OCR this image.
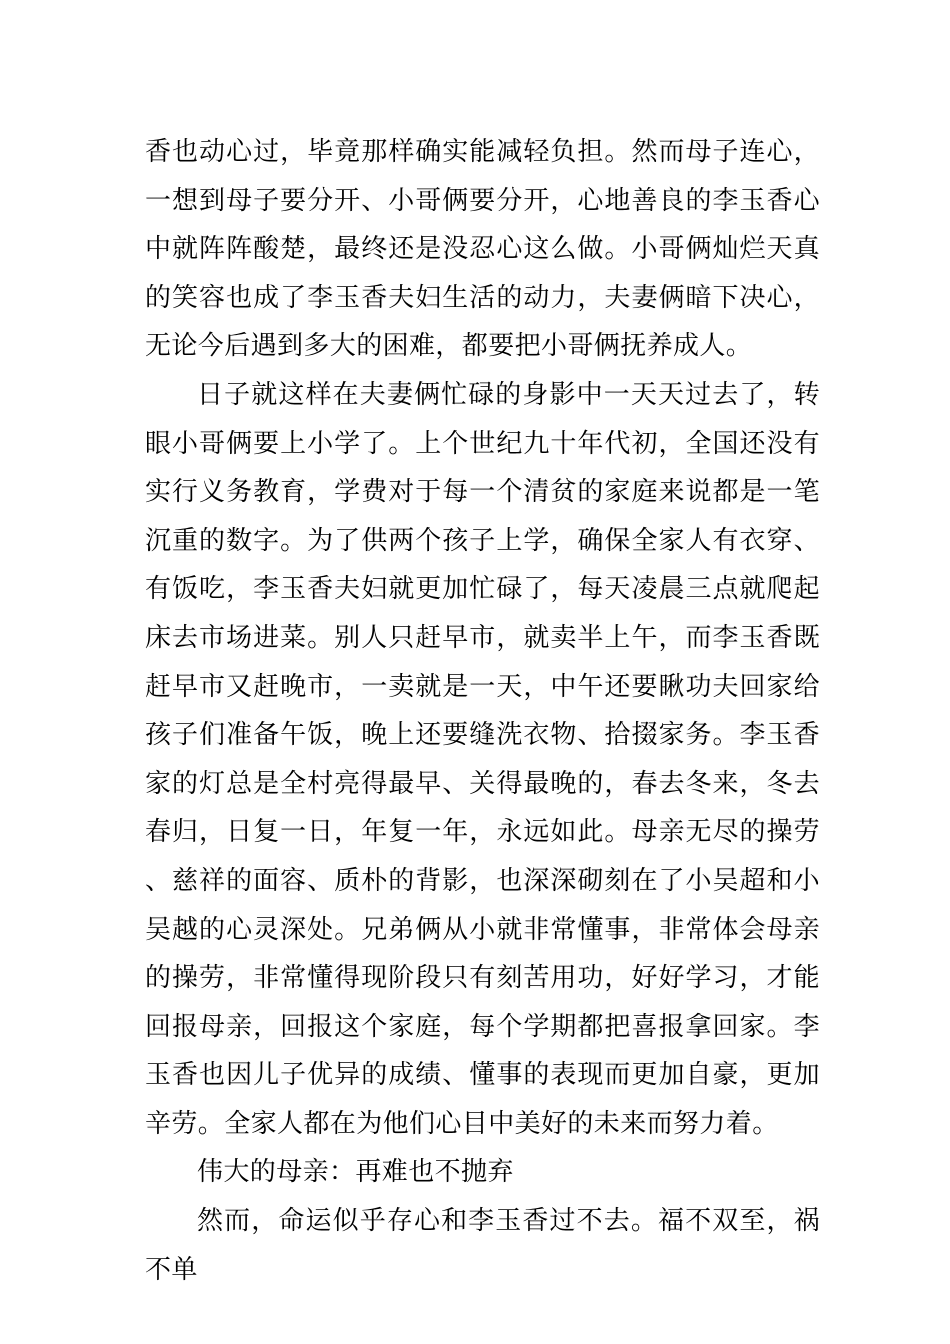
香也动心过，毕竟那样确实能减轻负担。然而母子连心，一想到母子要分开、小哥俩要分开，心地善良的李玉香心中就阵阵酸楚，最终还是没忍心这么做。小哥俩灿烂天真的笑容也成了李玉香夫妇生活的动力，夫妻俩暗下决心，无论今后遇到多大的困难，都要把小哥俩抚养成人。

日子就这样在夫妻俩忙碌的身影中一天天过去了，转眼小哥俩要上小学了。上个世纪九十年代初，全国还没有实行义务教育，学费对于每一个清贫的家庭来说都是一笔沉重的数字。为了供两个孩子上学，确保全家人有衣穿、有饭吃，李玉香夫妇就更加忙碌了，每天凌晨三点就爬起床去市场进菜。别人只赶早市，就卖半上午，而李玉香既赶早市又赶晚市，一卖就是一天，中午还要瞅功夫回家给孩子们准备午饭，晚上还要缝洗衣物、拾掇家务。李玉香家的灯总是全村亮得最早、关得最晚的，春去冬来，冬去春归，日复一日，年复一年，永远如此。母亲无尽的操劳、慈祥的面容、质朴的背影，也深深砌刻在了小吴超和小吴越的心灵深处。兄弟俩从小就非常懂事，非常体会母亲的操劳，非常懂得现阶段只有刻苦用功，好好学习，才能回报母亲，回报这个家庭，每个学期都把喜报拿回家。李玉香也因儿子优异的成绩、懂事的表现而更加自豪，更加辛劳。全家人都在为他们心目中美好的未来而努力着。

伟大的母亲：再难也不抛弃

然而，命运似乎存心和李玉香过不去。福不双至，祸不单
